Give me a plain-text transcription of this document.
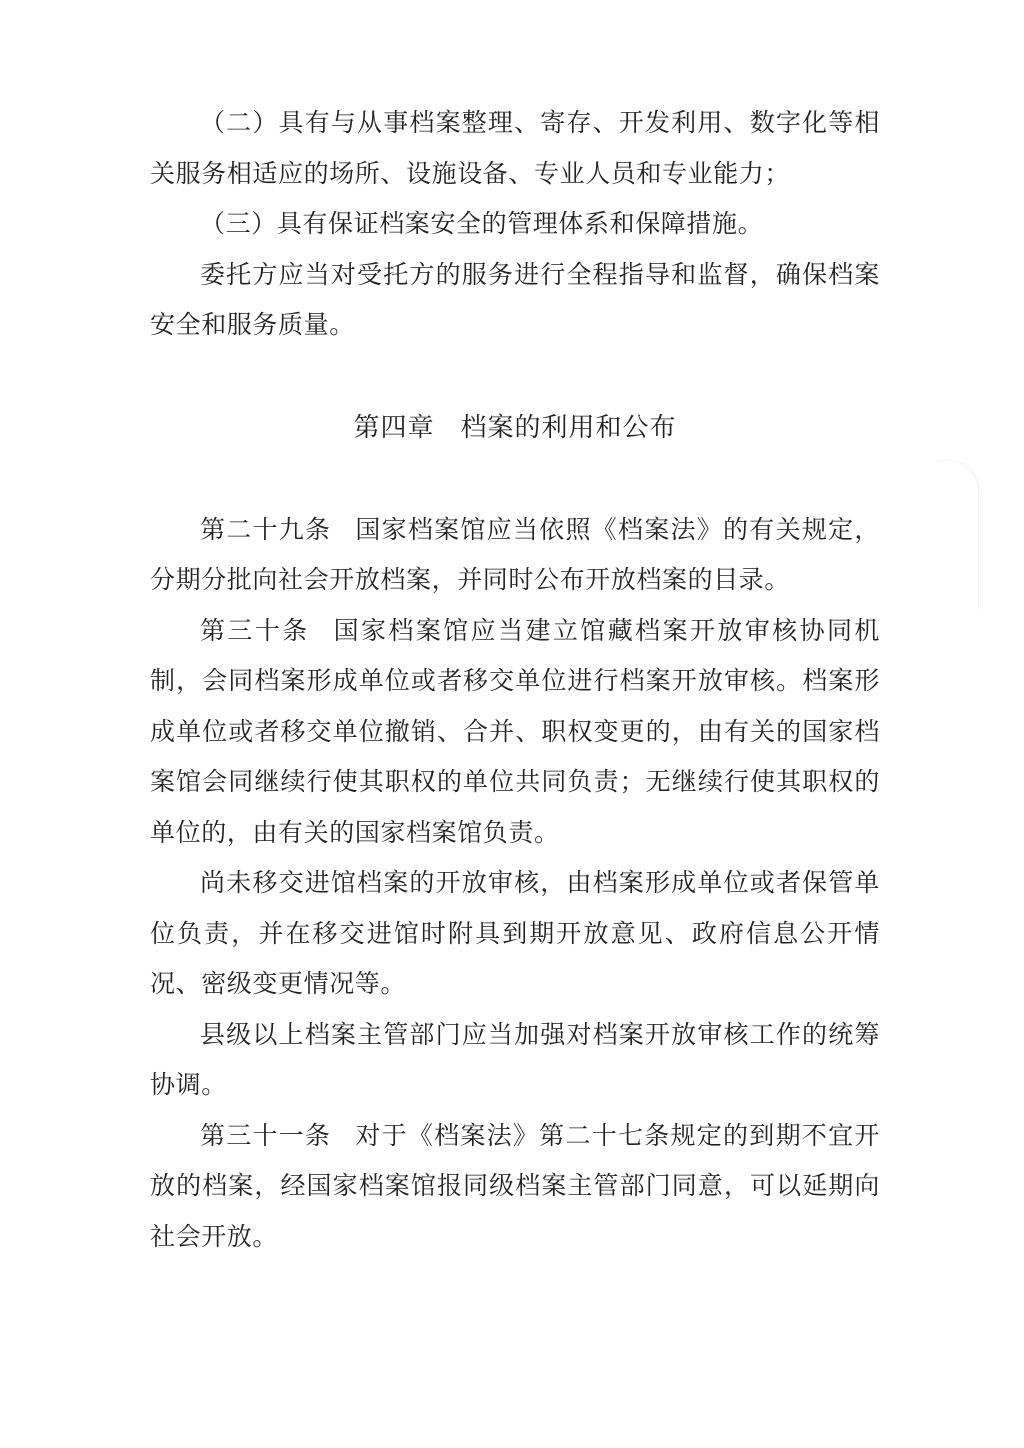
（二）具有与从事档案整理、寄存、开发利用、数字化等相关服务相适应的场所、设施设备、专业人员和专业能力；

（三）具有保证档案安全的管理体系和保障措施。

委托方应当对受托方的服务进行全程指导和监督，确保档案安全和服务质量。

第四章 档案的利用和公布

第二十九条 国家档案馆应当依照《档案法》的有关规定，分期分批向社会开放档案，并同时公布开放档案的目录。

第三十条 国家档案馆应当建立馆藏档案开放审核协同机制，会同档案形成单位或者移交单位进行档案开放审核。档案形成单位或者移交单位撤销、合并、职权变更的，由有关的国家档案馆会同继续行使其职权的单位共同负责；无继续行使其职权的单位的，由有关的国家档案馆负责。

尚未移交进馆档案的开放审核，由档案形成单位或者保管单位负责，并在移交进馆时附具到期开放意见、政府信息公开情况、密级变更情况等。

县级以上档案主管部门应当加强对档案开放审核工作的统筹协调。

第三十一条 对于《档案法》第二十七条规定的到期不宜开放的档案，经国家档案馆报同级档案主管部门同意，可以延期向社会开放。
